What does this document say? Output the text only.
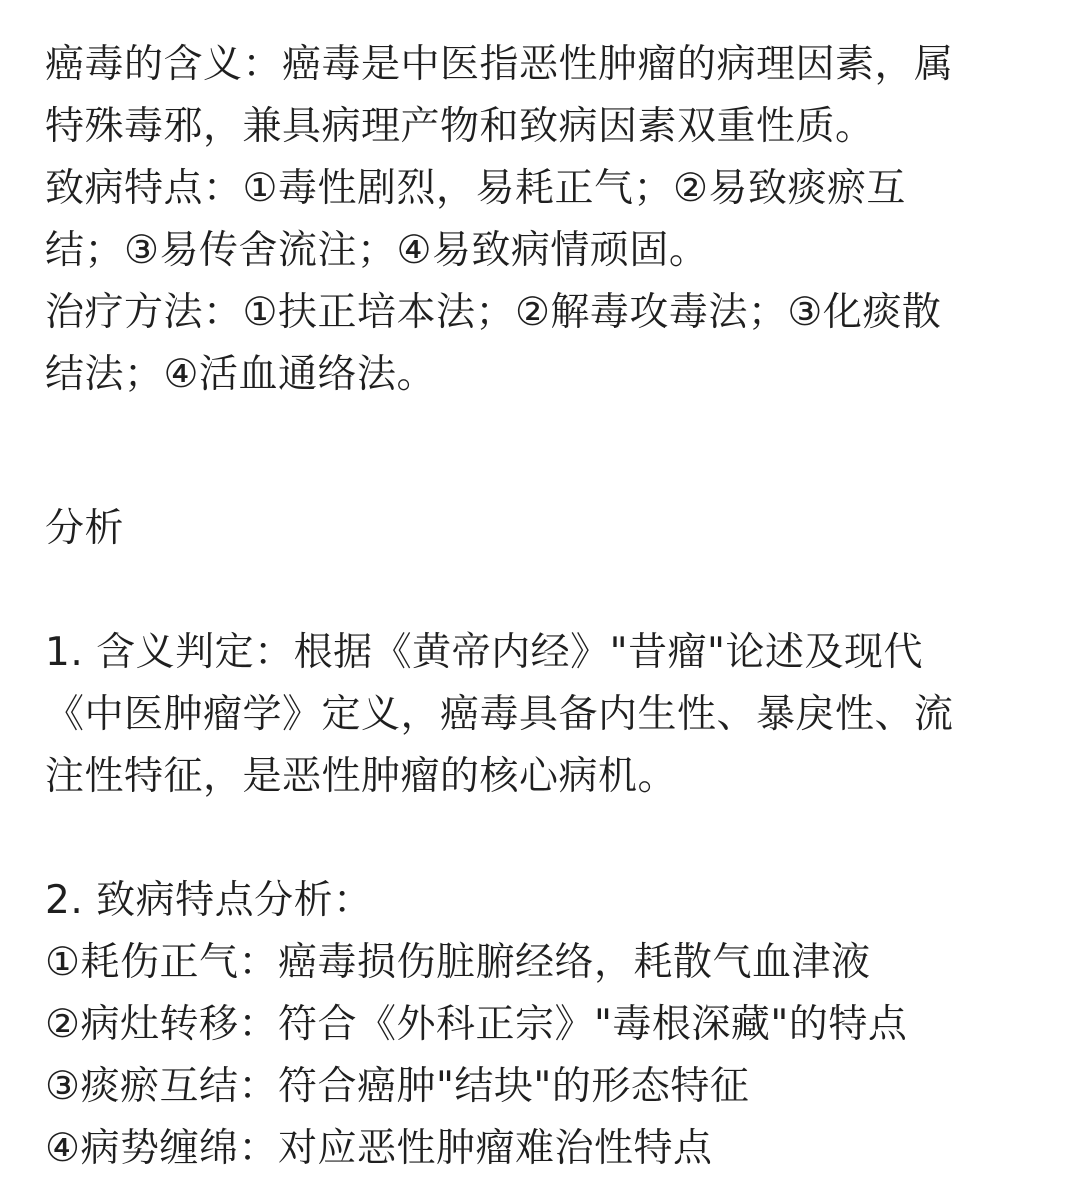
癌毒的含义：癌毒是中医指恶性肿瘤的病理因素，属
特殊毒邪，兼具病理产物和致病因素双重性质。
致病特点：①毒性剧烈，易耗正气；②易致痰瘀互
结；③易传舍流注；④易致病情顽固。
治疗方法：①扶正培本法；②解毒攻毒法；③化痰散
结法；④活血通络法。
分析
1. 含义判定：根据《黄帝内经》"昔瘤"论述及现代
《中医肿瘤学》定义，癌毒具备内生性、暴戾性、流
注性特征，是恶性肿瘤的核心病机。
2. 致病特点分析：
①耗伤正气：癌毒损伤脏腑经络，耗散气血津液
②病灶转移：符合《外科正宗》"毒根深藏"的特点
③痰瘀互结：符合癌肿"结块"的形态特征
④病势缠绵：对应恶性肿瘤难治性特点
